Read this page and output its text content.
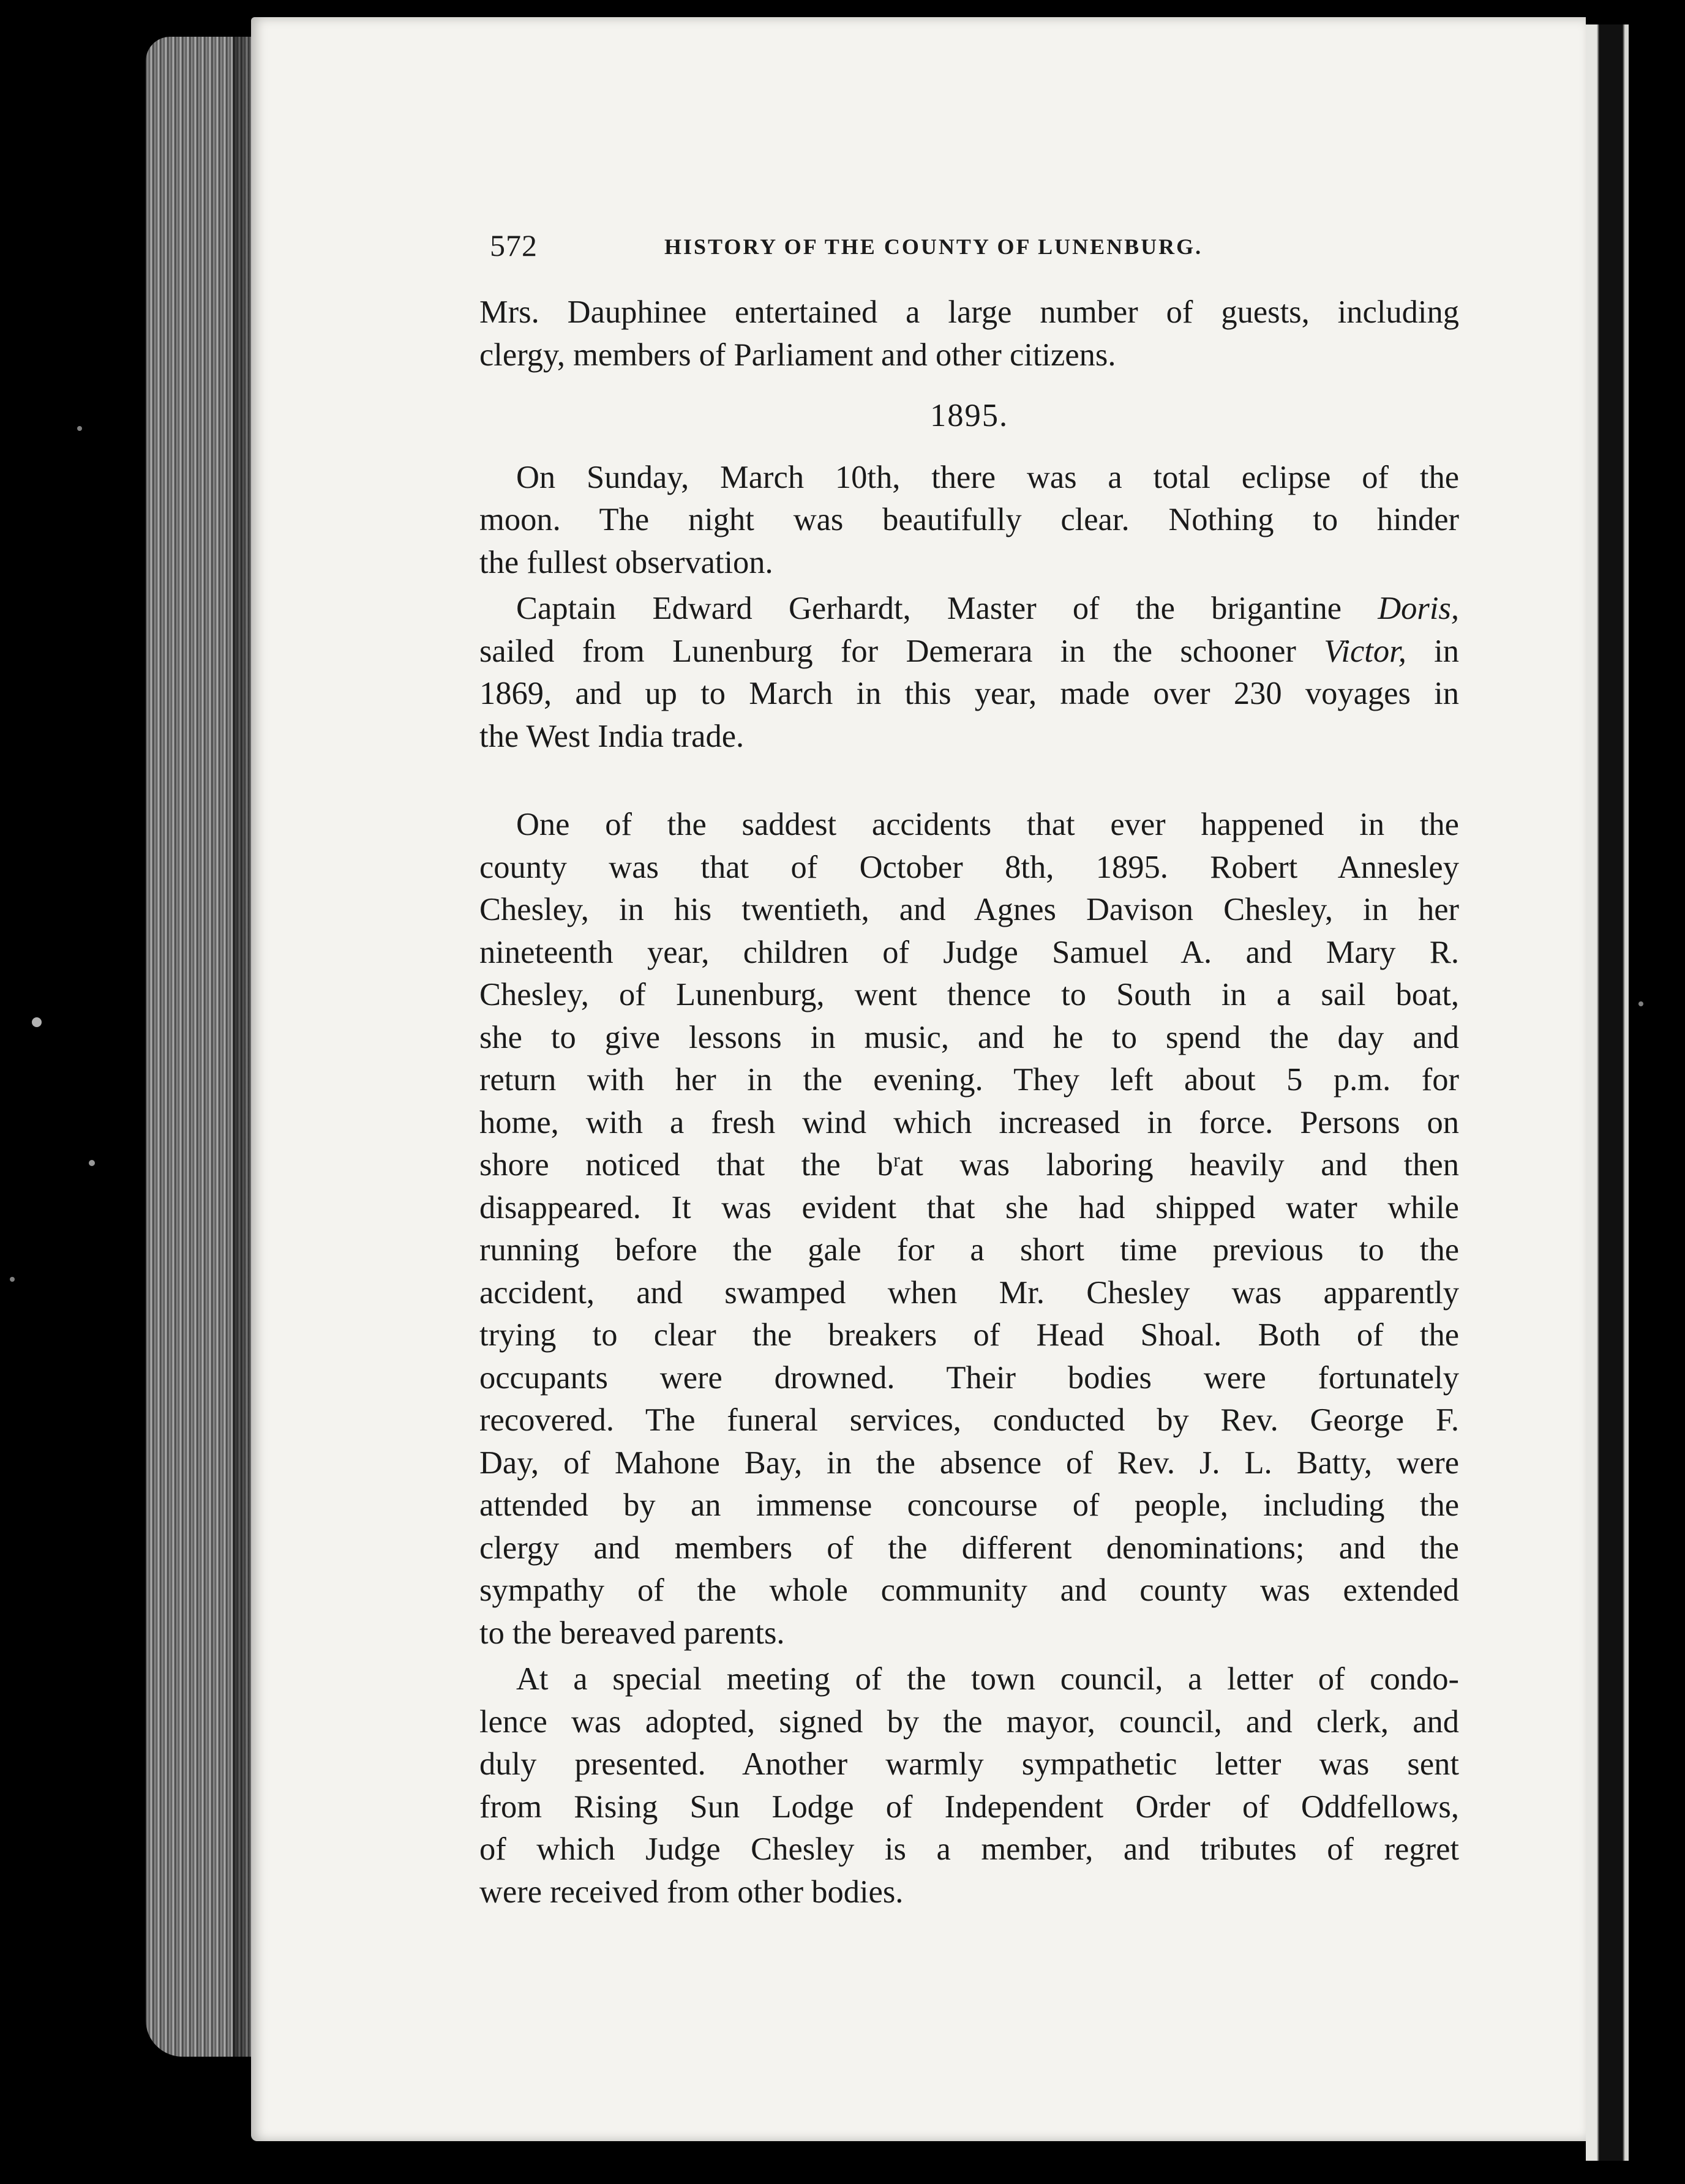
572	HISTORY OF THE COUNTY OF LUNENBURG.
Mrs. Dauphinee entertained a large number of guests, including
clergy, members of Parliament and other citizens.
1895.
On Sunday, March 10th, there was a total eclipse of the
moon. The night was beautifully clear. Nothing to hinder
the fullest observation.
Captain Edward Gerhardt, Master of the brigantine Doris,
sailed from Lunenburg for Demerara in the schooner Victor, in
1869, and up to March in this year, made over 230 voyages in
the West India trade.
One of the saddest accidents that ever happened in the
county was that of October 8th, 1895. Robert Annesley
Chesley, in his twentieth, and Agnes Davison Chesley, in her
nineteenth year, children of Judge Samuel A. and Mary R.
Chesley, of Lunenburg, went thence to South in a sail boat,
she to give lessons in music, and he to spend the day and
return with her in the evening. They left about 5 p.m. for
home, with a fresh wind which increased in force. Persons on
shore noticed that the bʳat was laboring heavily and then
disappeared. It was evident that she had shipped water while
running before the gale for a short time previous to the
accident, and swamped when Mr. Chesley was apparently
trying to clear the breakers of Head Shoal. Both of the
occupants were drowned. Their bodies were fortunately
recovered. The funeral services, conducted by Rev. George F.
Day, of Mahone Bay, in the absence of Rev. J. L. Batty, were
attended by an immense concourse of people, including the
clergy and members of the different denominations; and the
sympathy of the whole community and county was extended
to the bereaved parents.
At a special meeting of the town council, a letter of condo-
lence was adopted, signed by the mayor, council, and clerk, and
duly presented. Another warmly sympathetic letter was sent
from Rising Sun Lodge of Independent Order of Oddfellows,
of which Judge Chesley is a member, and tributes of regret
were received from other bodies.
